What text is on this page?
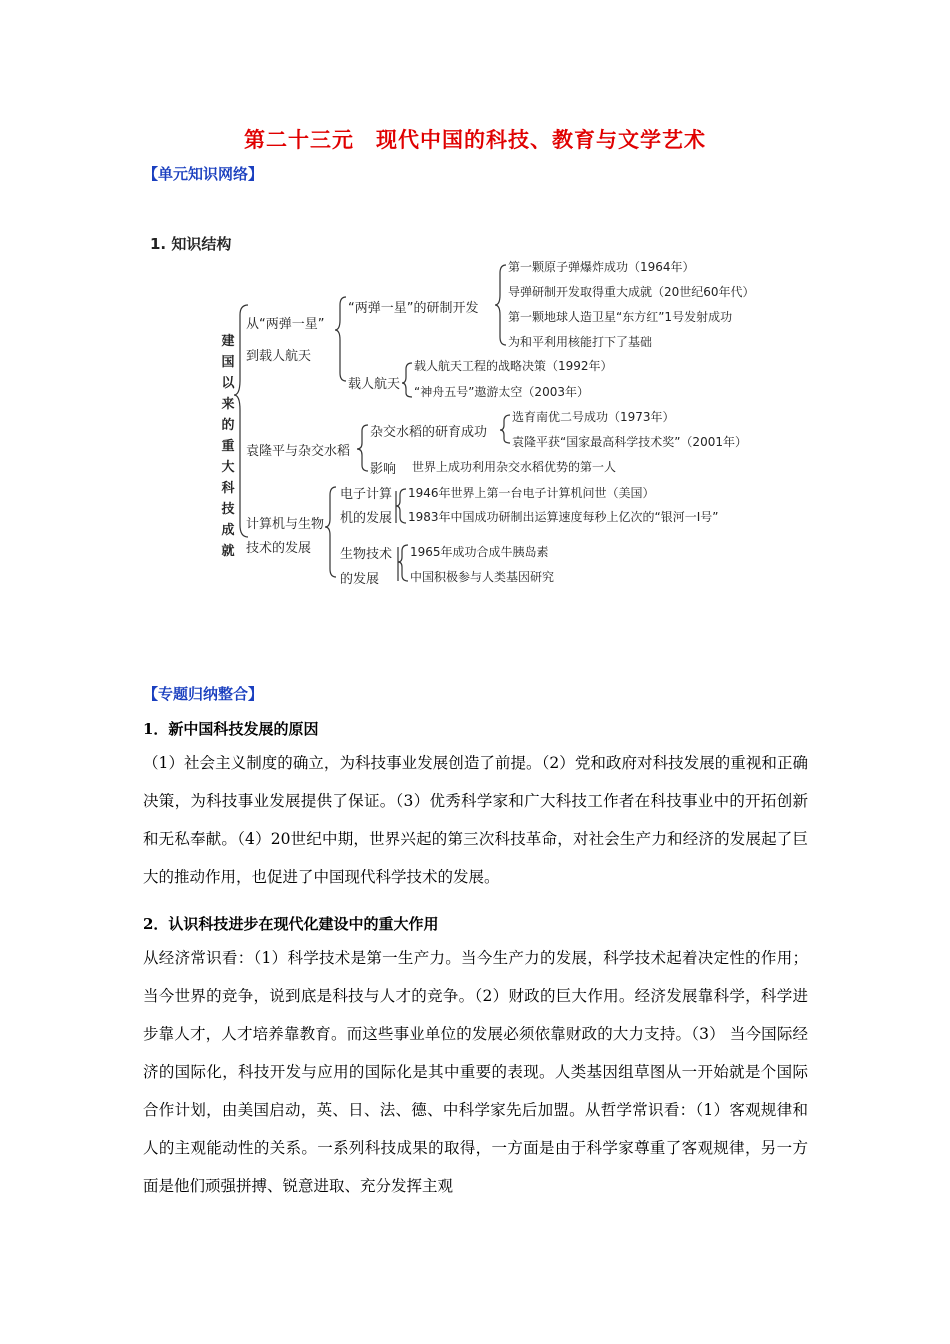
第二十三元　现代中国的科技、教育与文学艺术
【单元知识网络】
1. 知识结构
建国以来的重大科技成就
从“两弹一星”
到载人航天
“两弹一星”的研制开发
第一颗原子弹爆炸成功（1964年）
导弹研制开发取得重大成就（20世纪60年代）
第一颗地球人造卫星“东方红”1号发射成功
为和平利用核能打下了基础
载人航天
载人航天工程的战略决策（1992年）
“神舟五号”遨游太空（2003年）
袁隆平与杂交水稻
杂交水稻的研育成功
选育南优二号成功（1973年）
袁隆平获“国家最高科学技术奖”（2001年）
影响 世界上成功利用杂交水稻优势的第一人
计算机与生物
技术的发展
电子计算
机的发展
1946年世界上第一台电子计算机问世（美国）
1983年中国成功研制出运算速度每秒上亿次的“银河一Ⅰ号”
生物技术
的发展
1965年成功合成牛胰岛素
中国积极参与人类基因研究
【专题归纳整合】
1．新中国科技发展的原因
（1）社会主义制度的确立，为科技事业发展创造了前提。（2）党和政府对科技发展的重视和正确决策，为科技事业发展提供了保证。（3）优秀科学家和广大科技工作者在科技事业中的开拓创新和无私奉献。（4）20世纪中期，世界兴起的第三次科技革命，对社会生产力和经济的发展起了巨大的推动作用，也促进了中国现代科学技术的发展。
2．认识科技进步在现代化建设中的重大作用
从经济常识看：（1）科学技术是第一生产力。当今生产力的发展，科学技术起着决定性的作用；当今世界的竞争，说到底是科技与人才的竞争。（2）财政的巨大作用。经济发展靠科学，科学进步靠人才，人才培养靠教育。而这些事业单位的发展必须依靠财政的大力支持。（3） 当今国际经济的国际化，科技开发与应用的国际化是其中重要的表现。人类基因组草图从一开始就是个国际合作计划，由美国启动，英、日、法、德、中科学家先后加盟。从哲学常识看：（1）客观规律和人的主观能动性的关系。一系列科技成果的取得，一方面是由于科学家尊重了客观规律，另一方面是他们顽强拼搏、锐意进取、充分发挥主观
